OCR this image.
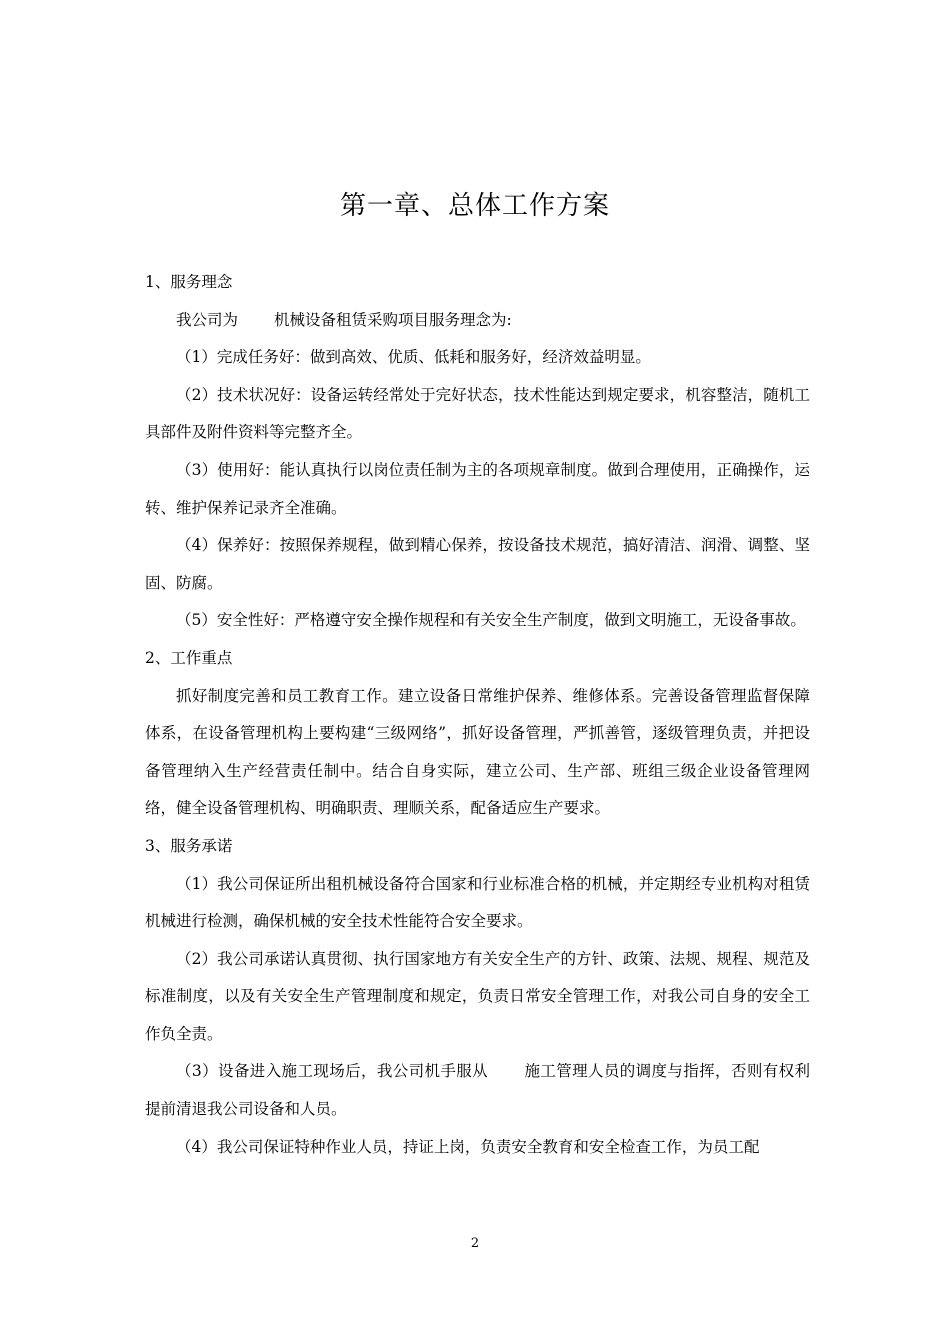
第一章、总体工作方案

1、服务理念

我公司为 机械设备租赁采购项目服务理念为:

（1）完成任务好：做到高效、优质、低耗和服务好，经济效益明显。

（2）技术状况好：设备运转经常处于完好状态，技术性能达到规定要求，机容整洁，随机工具部件及附件资料等完整齐全。

（3）使用好：能认真执行以岗位责任制为主的各项规章制度。做到合理使用，正确操作，运转、维护保养记录齐全准确。

（4）保养好：按照保养规程，做到精心保养，按设备技术规范，搞好清洁、润滑、调整、坚固、防腐。

（5）安全性好：严格遵守安全操作规程和有关安全生产制度，做到文明施工，无设备事故。

2、工作重点

抓好制度完善和员工教育工作。建立设备日常维护保养、维修体系。完善设备管理监督保障体系，在设备管理机构上要构建“三级网络”，抓好设备管理，严抓善管，逐级管理负责，并把设备管理纳入生产经营责任制中。结合自身实际，建立公司、生产部、班组三级企业设备管理网络，健全设备管理机构、明确职责、理顺关系，配备适应生产要求。

3、服务承诺

（1）我公司保证所出租机械设备符合国家和行业标准合格的机械，并定期经专业机构对租赁机械进行检测，确保机械的安全技术性能符合安全要求。

（2）我公司承诺认真贯彻、执行国家地方有关安全生产的方针、政策、法规、规程、规范及标准制度，以及有关安全生产管理制度和规定，负责日常安全管理工作，对我公司自身的安全工作负全责。

（3）设备进入施工现场后，我公司机手服从 施工管理人员的调度与指挥，否则有权利提前清退我公司设备和人员。

（4）我公司保证特种作业人员，持证上岗，负责安全教育和安全检查工作，为员工配

2
